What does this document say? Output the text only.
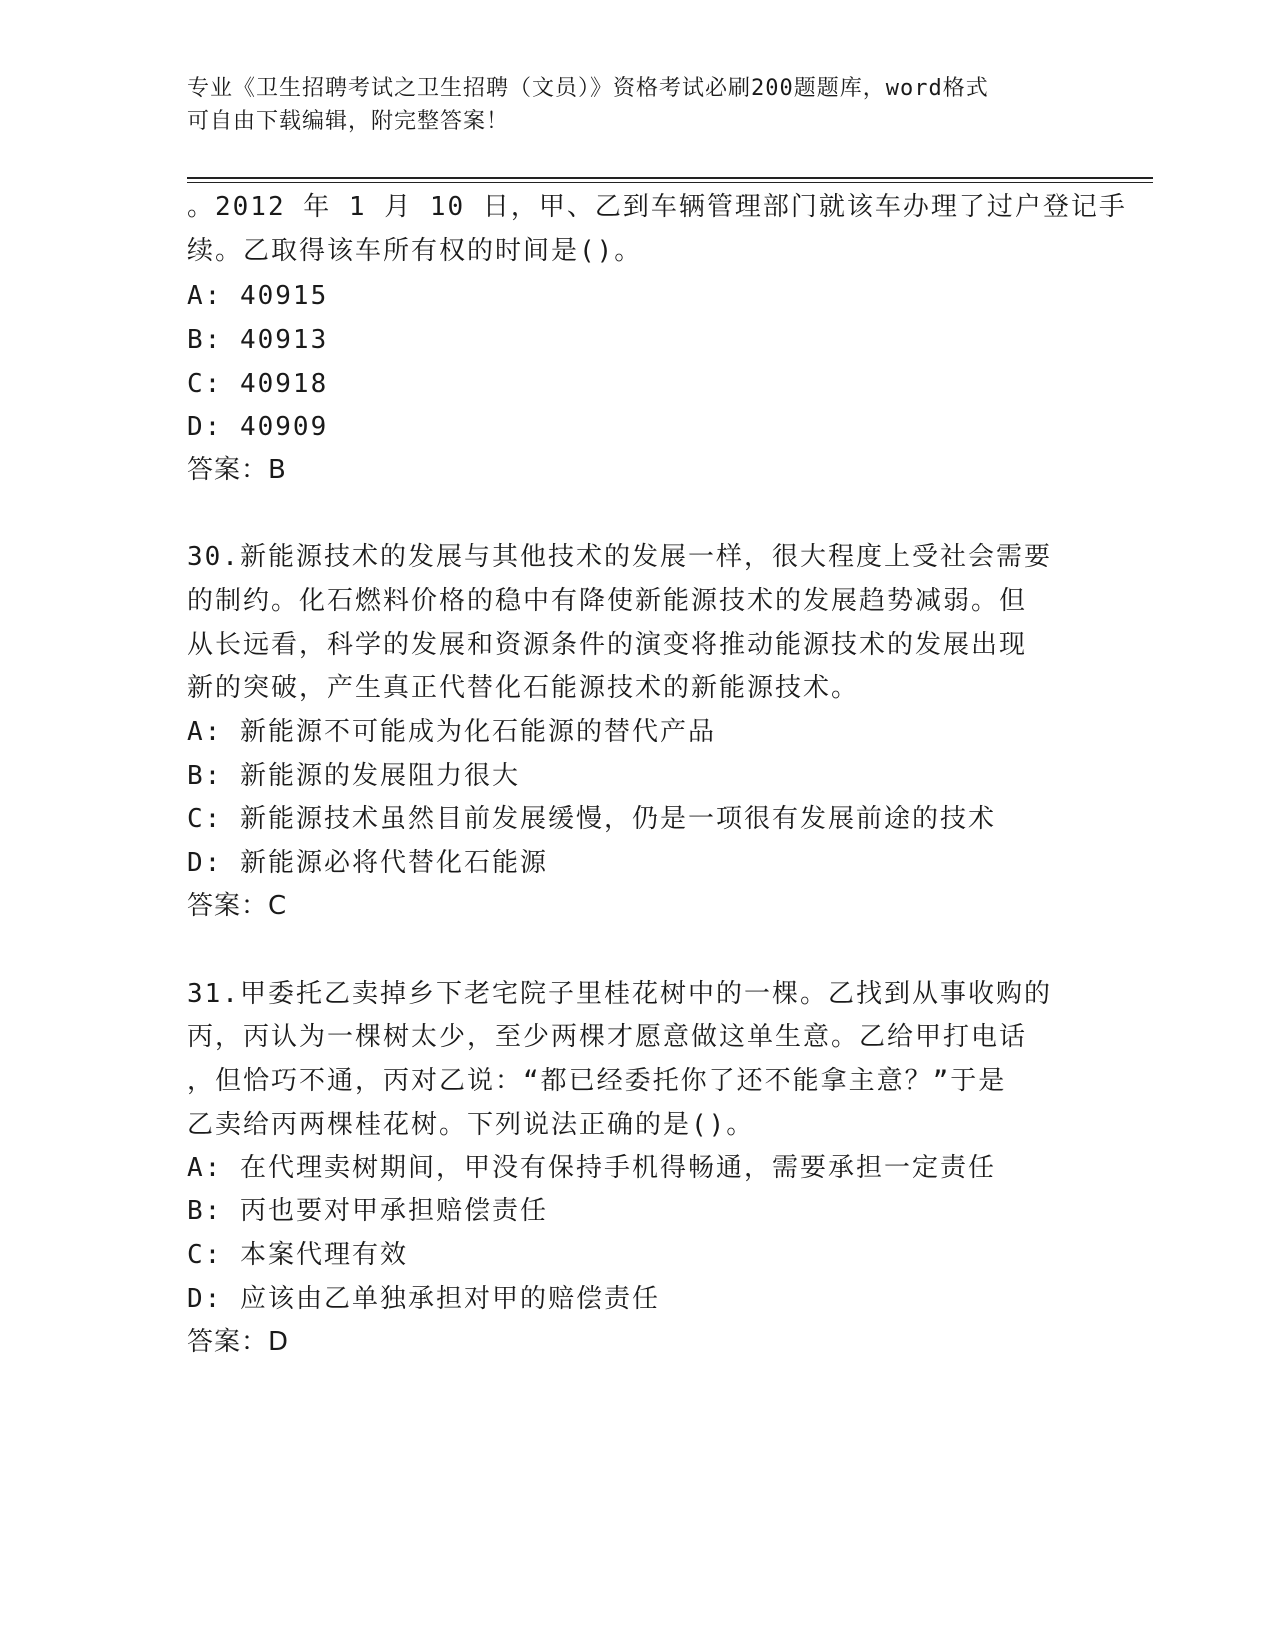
专业《卫生招聘考试之卫生招聘（文员）》资格考试必刷200题题库，word格式
可自由下载编辑，附完整答案！
。2012 年 1 月 10 日，甲、乙到车辆管理部门就该车办理了过户登记手
续。乙取得该车所有权的时间是()。
A: 40915
B: 40913
C: 40918
D: 40909
答案：B
30.新能源技术的发展与其他技术的发展一样，很大程度上受社会需要
的制约。化石燃料价格的稳中有降使新能源技术的发展趋势减弱。但
从长远看，科学的发展和资源条件的演变将推动能源技术的发展出现
新的突破，产生真正代替化石能源技术的新能源技术。
A: 新能源不可能成为化石能源的替代产品
B: 新能源的发展阻力很大
C: 新能源技术虽然目前发展缓慢，仍是一项很有发展前途的技术
D: 新能源必将代替化石能源
答案：C
31.甲委托乙卖掉乡下老宅院子里桂花树中的一棵。乙找到从事收购的
丙，丙认为一棵树太少，至少两棵才愿意做这单生意。乙给甲打电话
，但恰巧不通，丙对乙说：“都已经委托你了还不能拿主意？”于是
乙卖给丙两棵桂花树。下列说法正确的是()。
A: 在代理卖树期间，甲没有保持手机得畅通，需要承担一定责任
B: 丙也要对甲承担赔偿责任
C: 本案代理有效
D: 应该由乙单独承担对甲的赔偿责任
答案：D
